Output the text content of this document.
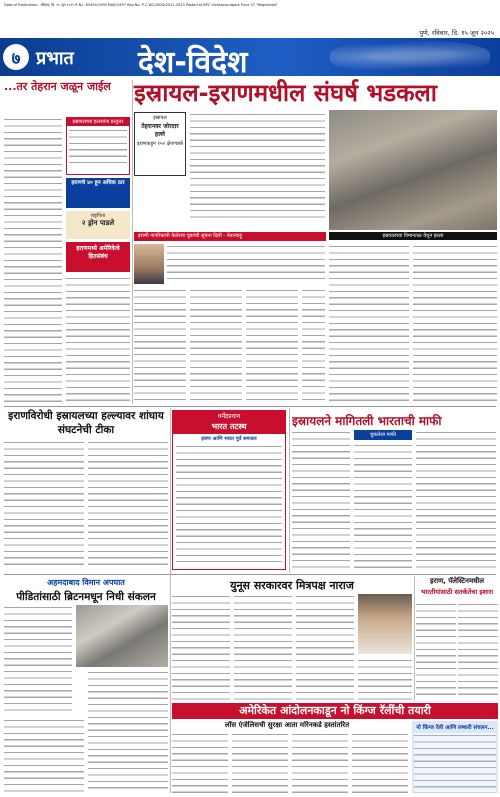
Date of Publication : रविवार, दि. १५ जून २०२५ R.N.I. 63494/1995 MAR/1997 Reg.No. P-C-WC/0026/2012-2023 Posted at BPC Vivekanandpark Pune 37 "Registered"
पुणे, रविवार, दि. १५ जून २०२५
७ प्रभात देश-विदेश
...तर तेहरान जळून जाईल
इस्रायलच्या हल्ल्यांना प्रत्युत्तर
इराणचे ४० हून अधिक ठार
राष्ट्रपिता
२ ड्रोन पाडले
इराणमध्ये अमेरिकेचे हितसंबंध
इस्रायल-इराणमधील संघर्ष भडकला
इस्रायल
तेहरानवर जोरदार हल्ले
इराणकडून १५० क्षेपणास्त्रे
इस्रायलच्या विमानतळ येथून हल्ला
इराणी नागरिकांनी केलेल्या चुकांची सूचना दिली - नेतान्याहू
इराणविरोधी इस्रायलच्या हल्ल्यावर शांघाय संघटनेची टीका
धर्मेंद्रप्रधान
भारत तटस्थ
इराण आणि भारत पूर्व समजल
इस्रायलने मागितली भारताची माफी
चुकलेला माफी
अहमदाबाद विमान अपघात
पीडितांसाठी ब्रिटनमधून निधी संकलन
युनूस सरकारवर मित्रपक्ष नाराज	इराण, पॅलेस्टिनमधील
भारतीयांसाठी सतर्कतेचा इशारा
अमेरिकेत आंदोलनकाडून नो किंग्ज रॅलींची तयारी
लॉस एंजेलिसची सुरक्षा आता मरिनकडे हस्तांतरित	नो किंग्ज रॅली आणि लष्करी संचलन...
